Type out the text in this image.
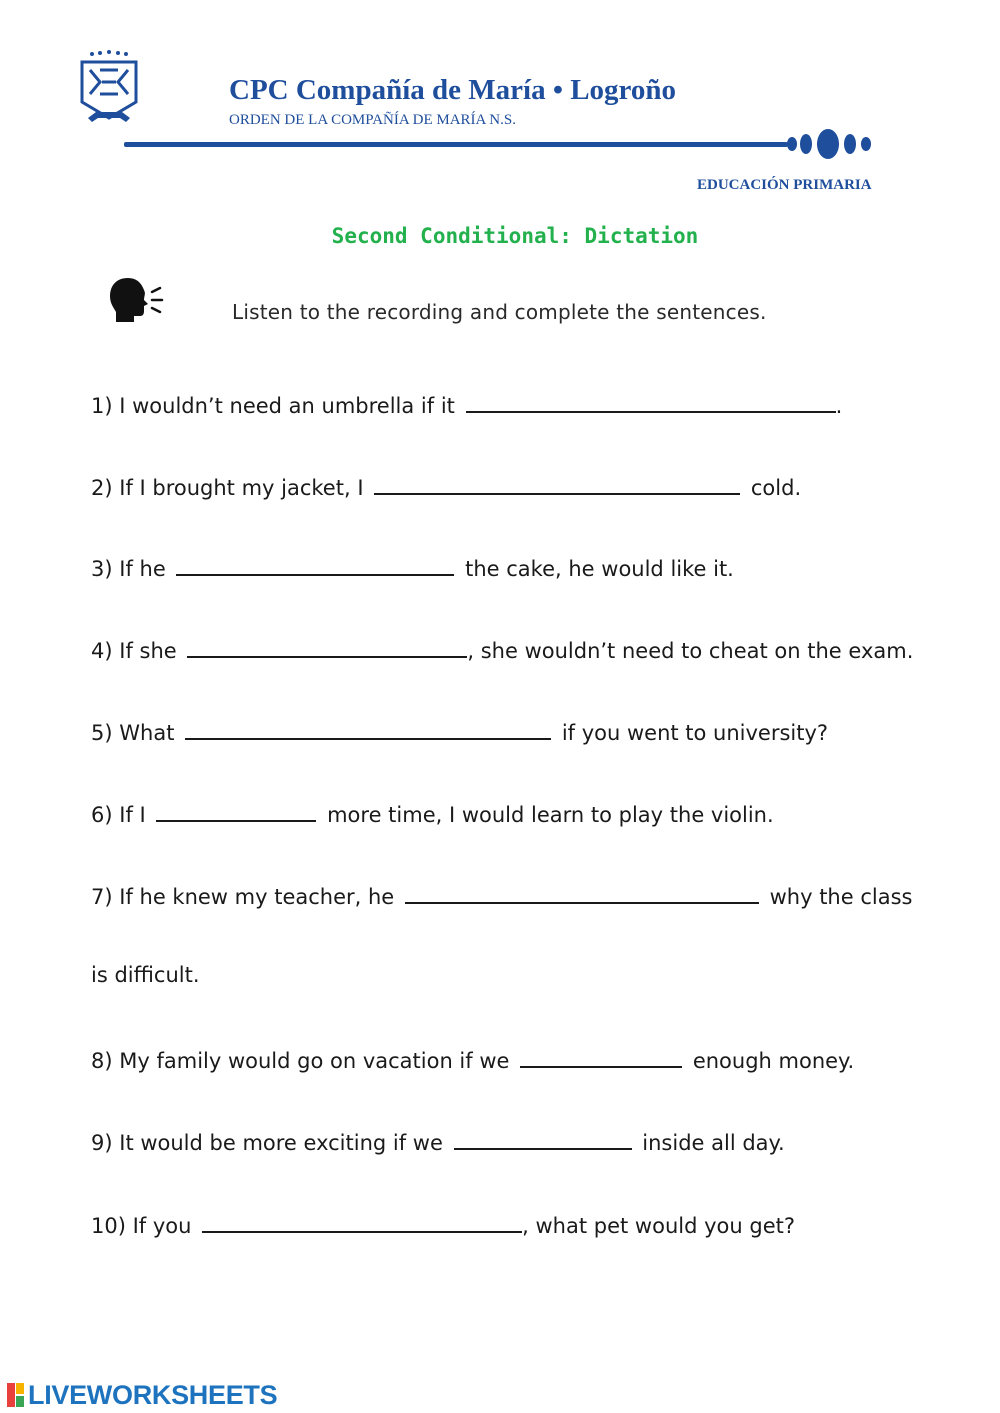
CPC Compañía de María • Logroño
ORDEN DE LA COMPAÑÍA DE MARÍA N.S.
EDUCACIÓN PRIMARIA
Second Conditional: Dictation
Listen to the recording and complete the sentences.
1) I wouldn’t need an umbrella if it	.
2) If I brought my jacket, I	cold.
3) If he	the cake, he would like it.
4) If she	, she wouldn’t need to cheat on the exam.
5) What	if you went to university?
6) If I	more time, I would learn to play the violin.
7) If he knew my teacher, he	why the class
is difficult.
8) My family would go on vacation if we	enough money.
9) It would be more exciting if we	inside all day.
10) If you	, what pet would you get?
LIVEWORKSHEETS
